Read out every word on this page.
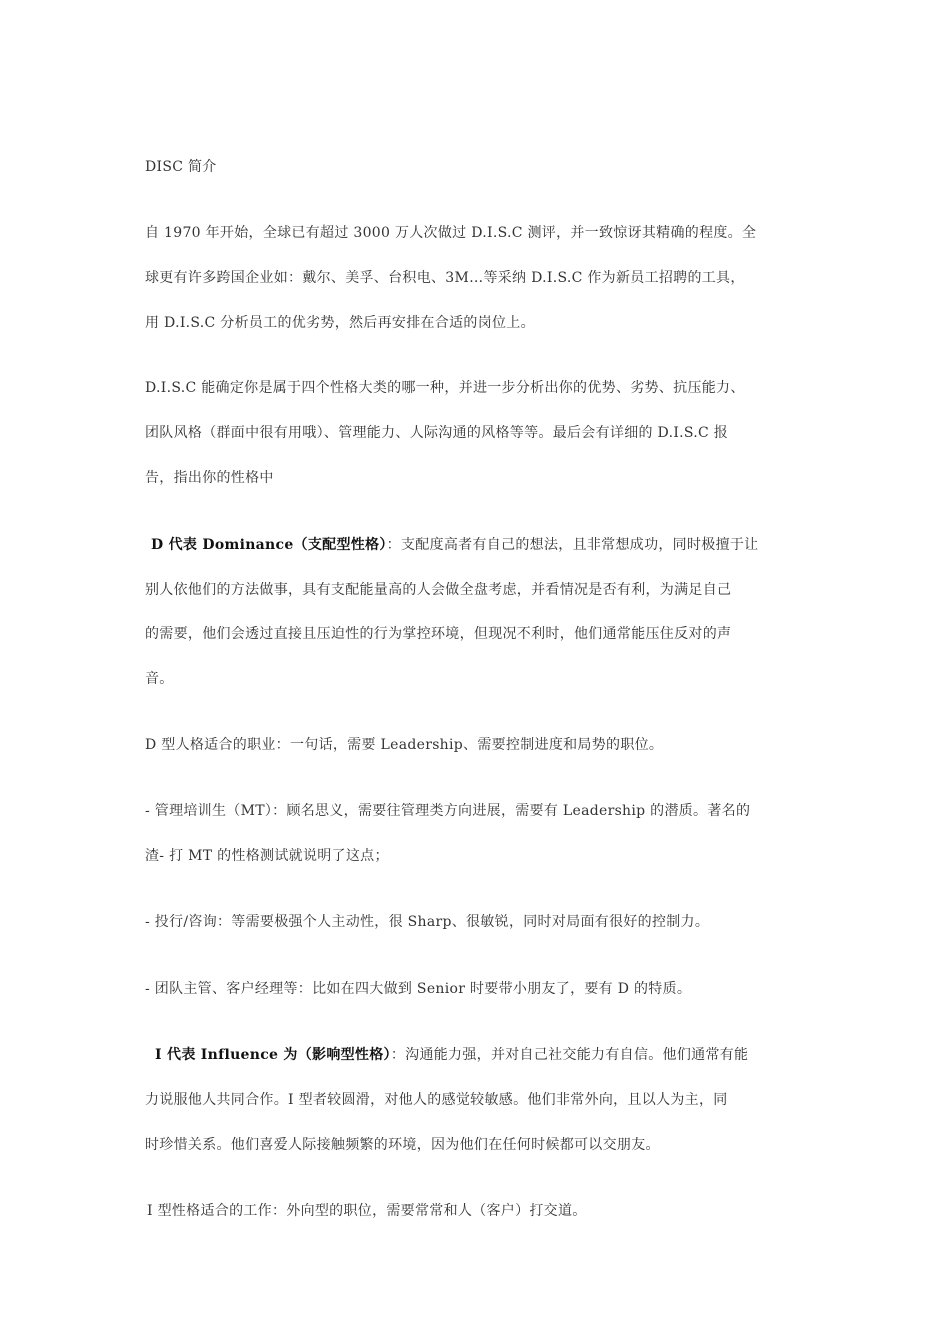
DISC 简介
自 1970 年开始，全球已有超过 3000 万人次做过 D.I.S.C 测评，并一致惊讶其精确的程度。全
球更有许多跨国企业如：戴尔、美孚、台积电、3M…等采纳 D.I.S.C 作为新员工招聘的工具，
用 D.I.S.C 分析员工的优劣势，然后再安排在合适的岗位上。
D.I.S.C 能确定你是属于四个性格大类的哪一种，并进一步分析出你的优势、劣势、抗压能力、
团队风格（群面中很有用哦）、管理能力、人际沟通的风格等等。最后会有详细的 D.I.S.C 报
告，指出你的性格中
D 代表 Dominance（支配型性格）：支配度高者有自己的想法，且非常想成功，同时极擅于让
别人依他们的方法做事，具有支配能量高的人会做全盘考虑，并看情况是否有利，为满足自己
的需要，他们会透过直接且压迫性的行为掌控环境，但现况不利时，他们通常能压住反对的声
音。
D 型人格适合的职业：一句话，需要 Leadership、需要控制进度和局势的职位。
- 管理培训生（MT）：顾名思义，需要往管理类方向进展，需要有 Leadership 的潜质。著名的
渣- 打 MT 的性格测试就说明了这点；
- 投行/咨询：等需要极强个人主动性，很 Sharp、很敏锐，同时对局面有很好的控制力。
- 团队主管、客户经理等：比如在四大做到 Senior 时要带小朋友了，要有 D 的特质。
I 代表 Influence 为（影响型性格）：沟通能力强，并对自己社交能力有自信。他们通常有能
力说服他人共同合作。I 型者较圆滑，对他人的感觉较敏感。他们非常外向，且以人为主，同
时珍惜关系。他们喜爱人际接触频繁的环境，因为他们在任何时候都可以交朋友。
I 型性格适合的工作：外向型的职位，需要常常和人（客户）打交道。
